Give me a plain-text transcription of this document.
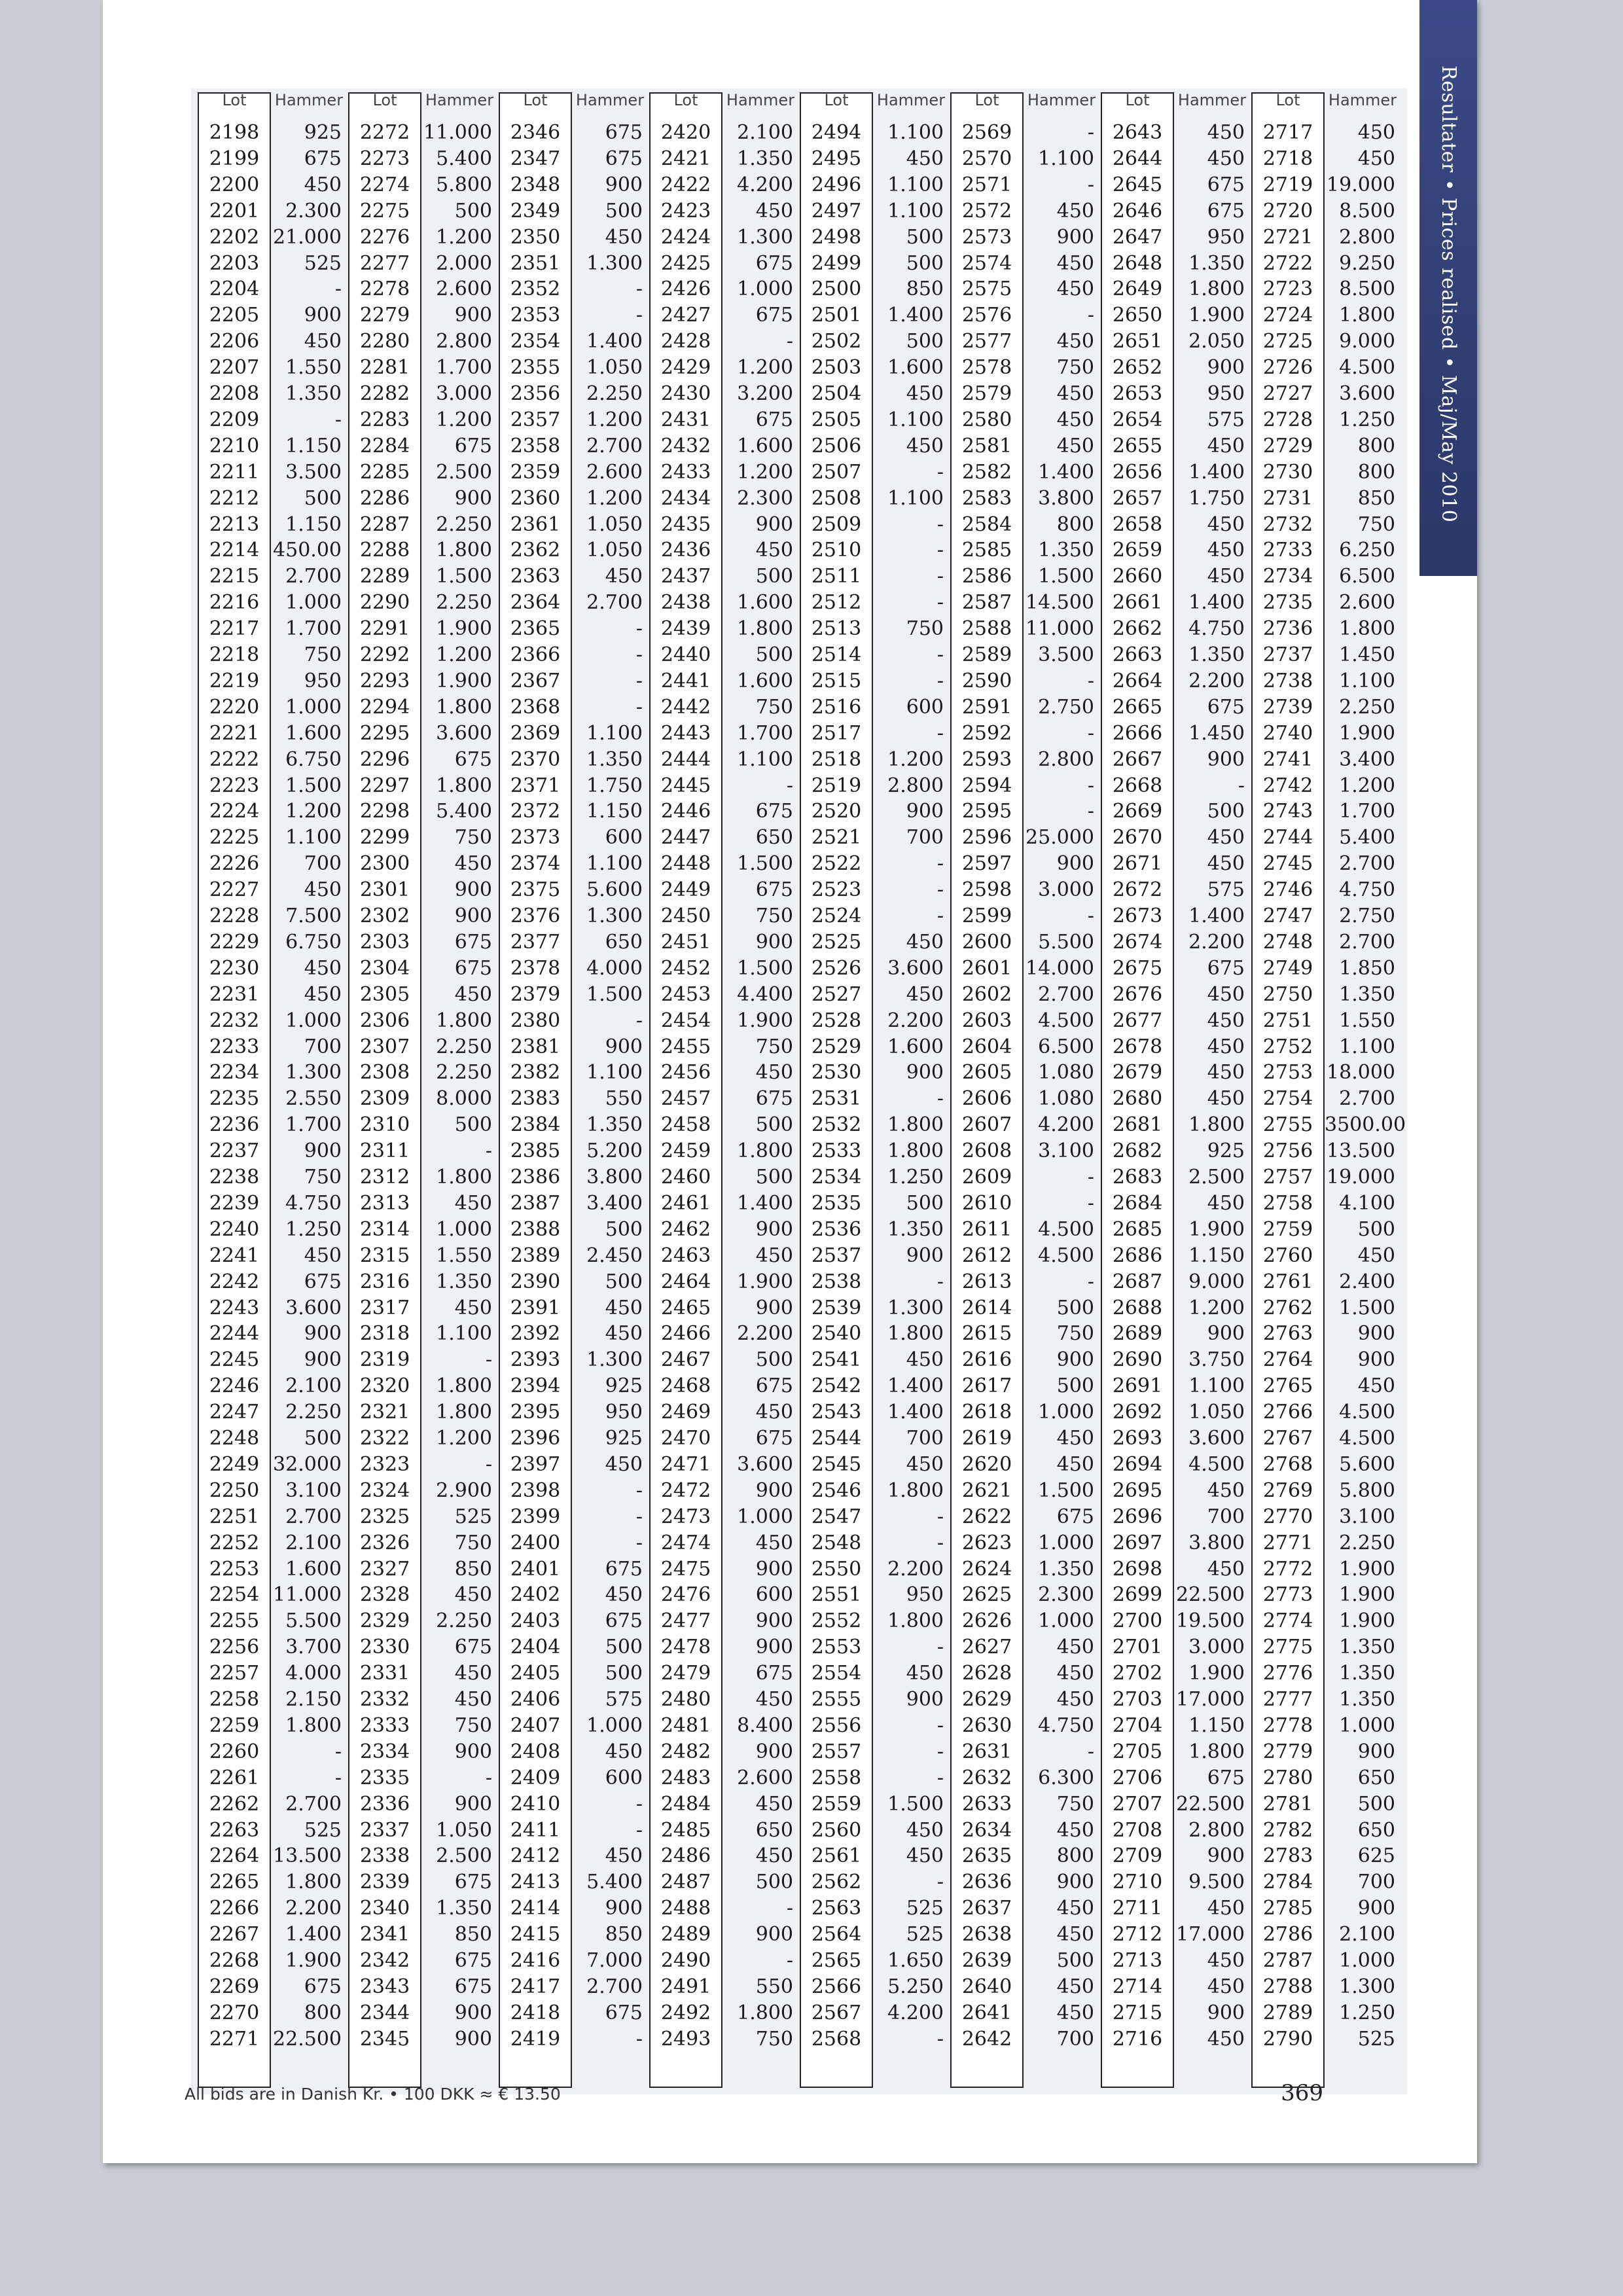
Resultater • Prices realised • Maj/May 2010
Lot	Hammer
2198	925
2199	675
2200	450
2201	2.300
2202 21.000
2203	525
2204	-
2205	900
2206	450
2207	1.550
2208	1.350
2209	-
2210	1.150
2211	3.500
2212	500
2213	1.150
2214 450.00
2215	2.700
2216	1.000
2217	1.700
2218	750
2219	950
2220	1.000
2221	1.600
2222	6.750
2223	1.500
2224	1.200
2225	1.100
2226	700
2227	450
2228	7.500
2229	6.750
2230	450
2231	450
2232	1.000
2233	700
2234	1.300
2235	2.550
2236	1.700
2237	900
2238	750
2239	4.750
2240	1.250
2241	450
2242	675
2243	3.600
2244	900
2245	900
2246	2.100
2247	2.250
2248	500
2249 32.000
2250	3.100
2251	2.700
2252	2.100
2253	1.600
2254 11.000
2255	5.500
2256	3.700
2257	4.000
2258	2.150
2259	1.800
2260	-
2261	-
2262	2.700
2263	525
2264 13.500
2265	1.800
2266	2.200
2267	1.400
2268	1.900
2269	675
2270	800
2271 22.500
Lot	Hammer
2272 11.000
2273	5.400
2274	5.800
2275	500
2276	1.200
2277	2.000
2278	2.600
2279	900
2280	2.800
2281	1.700
2282	3.000
2283	1.200
2284	675
2285	2.500
2286	900
2287	2.250
2288	1.800
2289	1.500
2290	2.250
2291	1.900
2292	1.200
2293	1.900
2294	1.800
2295	3.600
2296	675
2297	1.800
2298	5.400
2299	750
2300	450
2301	900
2302	900
2303	675
2304	675
2305	450
2306	1.800
2307	2.250
2308	2.250
2309	8.000
2310	500
2311	-
2312	1.800
2313	450
2314	1.000
2315	1.550
2316	1.350
2317	450
2318	1.100
2319	-
2320	1.800
2321	1.800
2322	1.200
2323	-
2324	2.900
2325	525
2326	750
2327	850
2328	450
2329	2.250
2330	675
2331	450
2332	450
2333	750
2334	900
2335	-
2336	900
2337	1.050
2338	2.500
2339	675
2340	1.350
2341	850
2342	675
2343	675
2344	900
2345	900
Lot	Hammer
2346	675
2347	675
2348	900
2349	500
2350	450
2351	1.300
2352	-
2353	-
2354	1.400
2355	1.050
2356	2.250
2357	1.200
2358	2.700
2359	2.600
2360	1.200
2361	1.050
2362	1.050
2363	450
2364	2.700
2365	-
2366	-
2367	-
2368	-
2369	1.100
2370	1.350
2371	1.750
2372	1.150
2373	600
2374	1.100
2375	5.600
2376	1.300
2377	650
2378	4.000
2379	1.500
2380	-
2381	900
2382	1.100
2383	550
2384	1.350
2385	5.200
2386	3.800
2387	3.400
2388	500
2389	2.450
2390	500
2391	450
2392	450
2393	1.300
2394	925
2395	950
2396	925
2397	450
2398	-
2399	-
2400	-
2401	675
2402	450
2403	675
2404	500
2405	500
2406	575
2407	1.000
2408	450
2409	600
2410	-
2411	-
2412	450
2413	5.400
2414	900
2415	850
2416	7.000
2417	2.700
2418	675
2419	-
Lot	Hammer
2420	2.100
2421	1.350
2422	4.200
2423	450
2424	1.300
2425	675
2426	1.000
2427	675
2428	-
2429	1.200
2430	3.200
2431	675
2432	1.600
2433	1.200
2434	2.300
2435	900
2436	450
2437	500
2438	1.600
2439	1.800
2440	500
2441	1.600
2442	750
2443	1.700
2444	1.100
2445	-
2446	675
2447	650
2448	1.500
2449	675
2450	750
2451	900
2452	1.500
2453	4.400
2454	1.900
2455	750
2456	450
2457	675
2458	500
2459	1.800
2460	500
2461	1.400
2462	900
2463	450
2464	1.900
2465	900
2466	2.200
2467	500
2468	675
2469	450
2470	675
2471	3.600
2472	900
2473	1.000
2474	450
2475	900
2476	600
2477	900
2478	900
2479	675
2480	450
2481	8.400
2482	900
2483	2.600
2484	450
2485	650
2486	450
2487	500
2488	-
2489	900
2490	-
2491	550
2492	1.800
2493	750
Lot	Hammer
2494	1.100
2495	450
2496	1.100
2497	1.100
2498	500
2499	500
2500	850
2501	1.400
2502	500
2503	1.600
2504	450
2505	1.100
2506	450
2507	-
2508	1.100
2509	-
2510	-
2511	-
2512	-
2513	750
2514	-
2515	-
2516	600
2517	-
2518	1.200
2519	2.800
2520	900
2521	700
2522	-
2523	-
2524	-
2525	450
2526	3.600
2527	450
2528	2.200
2529	1.600
2530	900
2531	-
2532	1.800
2533	1.800
2534	1.250
2535	500
2536	1.350
2537	900
2538	-
2539	1.300
2540	1.800
2541	450
2542	1.400
2543	1.400
2544	700
2545	450
2546	1.800
2547	-
2548	-
2550	2.200
2551	950
2552	1.800
2553	-
2554	450
2555	900
2556	-
2557	-
2558	-
2559	1.500
2560	450
2561	450
2562	-
2563	525
2564	525
2565	1.650
2566	5.250
2567	4.200
2568	-
Lot	Hammer
2569	-
2570	1.100
2571	-
2572	450
2573	900
2574	450
2575	450
2576	-
2577	450
2578	750
2579	450
2580	450
2581	450
2582	1.400
2583	3.800
2584	800
2585	1.350
2586	1.500
2587 14.500
2588 11.000
2589	3.500
2590	-
2591	2.750
2592	-
2593	2.800
2594	-
2595	-
2596 25.000
2597	900
2598	3.000
2599	-
2600	5.500
2601 14.000
2602	2.700
2603	4.500
2604	6.500
2605	1.080
2606	1.080
2607	4.200
2608	3.100
2609	-
2610	-
2611	4.500
2612	4.500
2613	-
2614	500
2615	750
2616	900
2617	500
2618	1.000
2619	450
2620	450
2621	1.500
2622	675
2623	1.000
2624	1.350
2625	2.300
2626	1.000
2627	450
2628	450
2629	450
2630	4.750
2631	-
2632	6.300
2633	750
2634	450
2635	800
2636	900
2637	450
2638	450
2639	500
2640	450
2641	450
2642	700
Lot	Hammer
2643	450
2644	450
2645	675
2646	675
2647	950
2648	1.350
2649	1.800
2650	1.900
2651	2.050
2652	900
2653	950
2654	575
2655	450
2656	1.400
2657	1.750
2658	450
2659	450
2660	450
2661	1.400
2662	4.750
2663	1.350
2664	2.200
2665	675
2666	1.450
2667	900
2668	-
2669	500
2670	450
2671	450
2672	575
2673	1.400
2674	2.200
2675	675
2676	450
2677	450
2678	450
2679	450
2680	450
2681	1.800
2682	925
2683	2.500
2684	450
2685	1.900
2686	1.150
2687	9.000
2688	1.200
2689	900
2690	3.750
2691	1.100
2692	1.050
2693	3.600
2694	4.500
2695	450
2696	700
2697	3.800
2698	450
2699 22.500
2700 19.500
2701	3.000
2702	1.900
2703 17.000
2704	1.150
2705	1.800
2706	675
2707 22.500
2708	2.800
2709	900
2710	9.500
2711	450
2712 17.000
2713	450
2714	450
2715	900
2716	450
Lot	Hammer
2717	450
2718	450
2719 19.000
2720	8.500
2721	2.800
2722	9.250
2723	8.500
2724	1.800
2725	9.000
2726	4.500
2727	3.600
2728	1.250
2729	800
2730	800
2731	850
2732	750
2733	6.250
2734	6.500
2735	2.600
2736	1.800
2737	1.450
2738	1.100
2739	2.250
2740	1.900
2741	3.400
2742	1.200
2743	1.700
2744	5.400
2745	2.700
2746	4.750
2747	2.750
2748	2.700
2749	1.850
2750	1.350
2751	1.550
2752	1.100
2753 18.000
2754	2.700
2755 3500.00
2756 13.500
2757 19.000
2758	4.100
2759	500
2760	450
2761	2.400
2762	1.500
2763	900
2764	900
2765	450
2766	4.500
2767	4.500
2768	5.600
2769	5.800
2770	3.100
2771	2.250
2772	1.900
2773	1.900
2774	1.900
2775	1.350
2776	1.350
2777	1.350
2778	1.000
2779	900
2780	650
2781	500
2782	650
2783	625
2784	700
2785	900
2786	2.100
2787	1.000
2788	1.300
2789	1.250
2790	525
All bids are in Danish Kr. • 100 DKK ≈ € 13.50	369
